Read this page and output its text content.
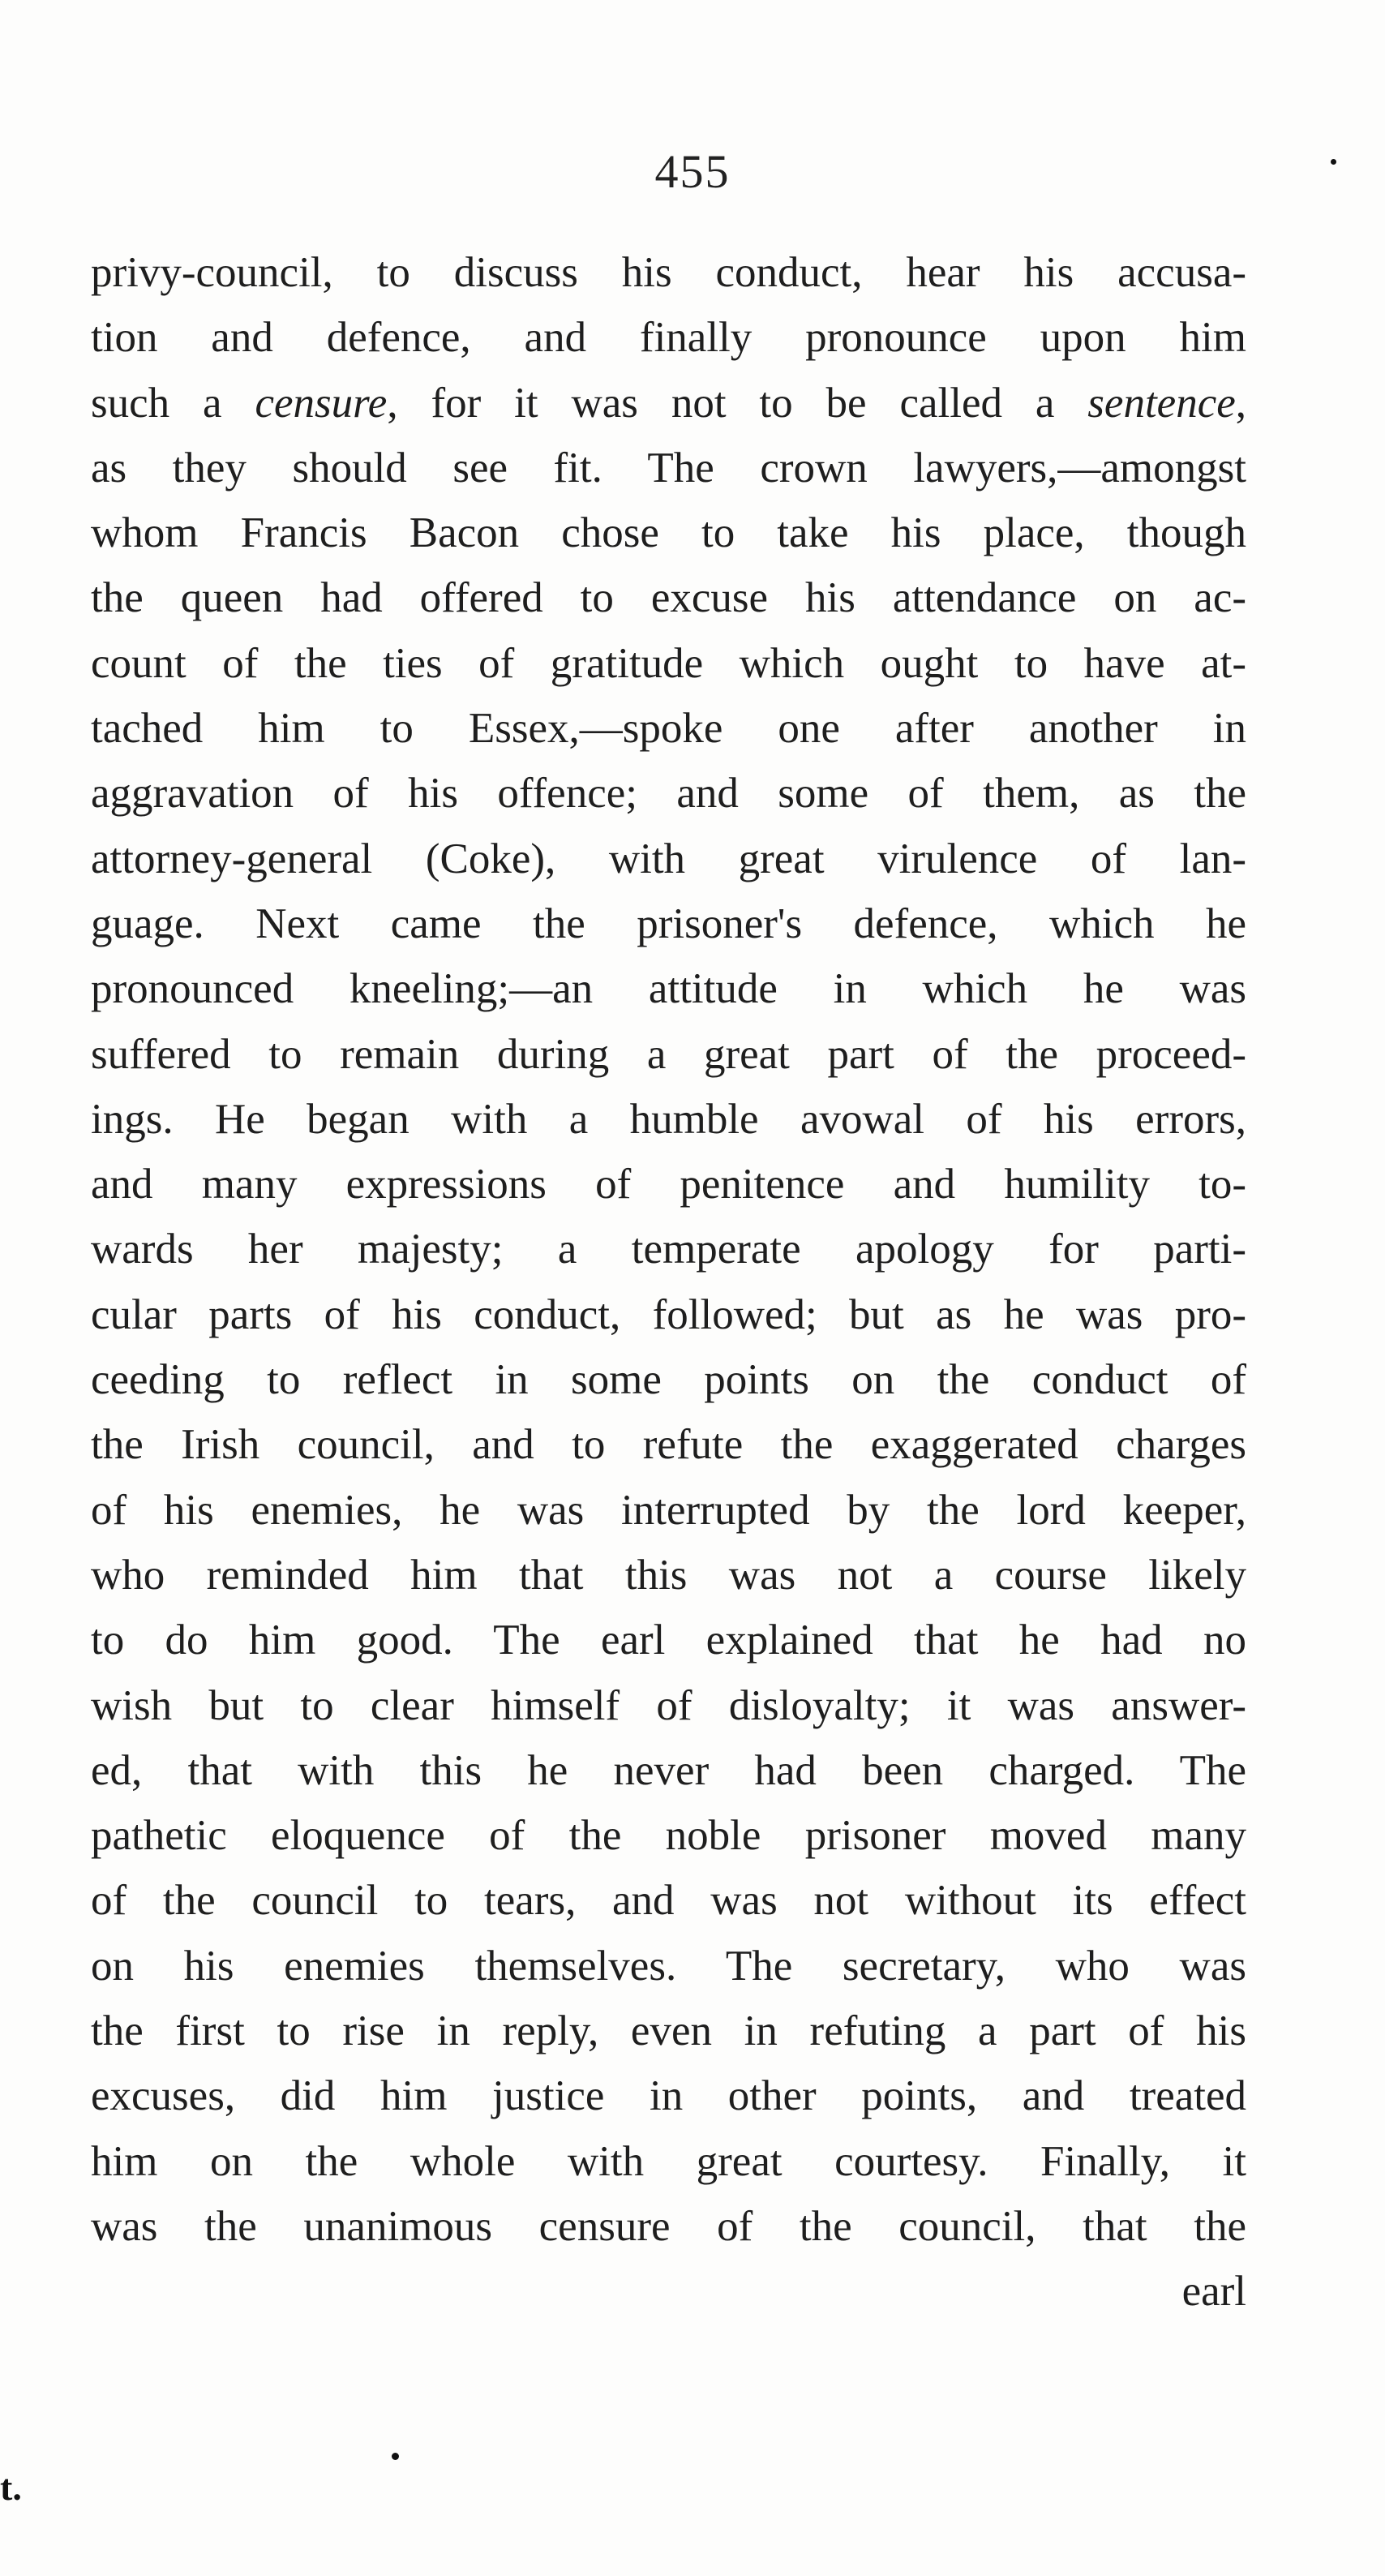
455
privy-council, to discuss his conduct, hear his accusa-
tion and defence, and finally pronounce upon him
such a censure, for it was not to be called a sentence,
as they should see fit. The crown lawyers,—amongst
whom Francis Bacon chose to take his place, though
the queen had offered to excuse his attendance on ac-
count of the ties of gratitude which ought to have at-
tached him to Essex,—spoke one after another in
aggravation of his offence; and some of them, as the
attorney-general (Coke), with great virulence of lan-
guage. Next came the prisoner's defence, which he
pronounced kneeling;—an attitude in which he was
suffered to remain during a great part of the proceed-
ings. He began with a humble avowal of his errors,
and many expressions of penitence and humility to-
wards her majesty; a temperate apology for parti-
cular parts of his conduct, followed; but as he was pro-
ceeding to reflect in some points on the conduct of
the Irish council, and to refute the exaggerated charges
of his enemies, he was interrupted by the lord keeper,
who reminded him that this was not a course likely
to do him good. The earl explained that he had no
wish but to clear himself of disloyalty; it was answer-
ed, that with this he never had been charged. The
pathetic eloquence of the noble prisoner moved many
of the council to tears, and was not without its effect
on his enemies themselves. The secretary, who was
the first to rise in reply, even in refuting a part of his
excuses, did him justice in other points, and treated
him on the whole with great courtesy. Finally, it
was the unanimous censure of the council, that the
earl
t.
